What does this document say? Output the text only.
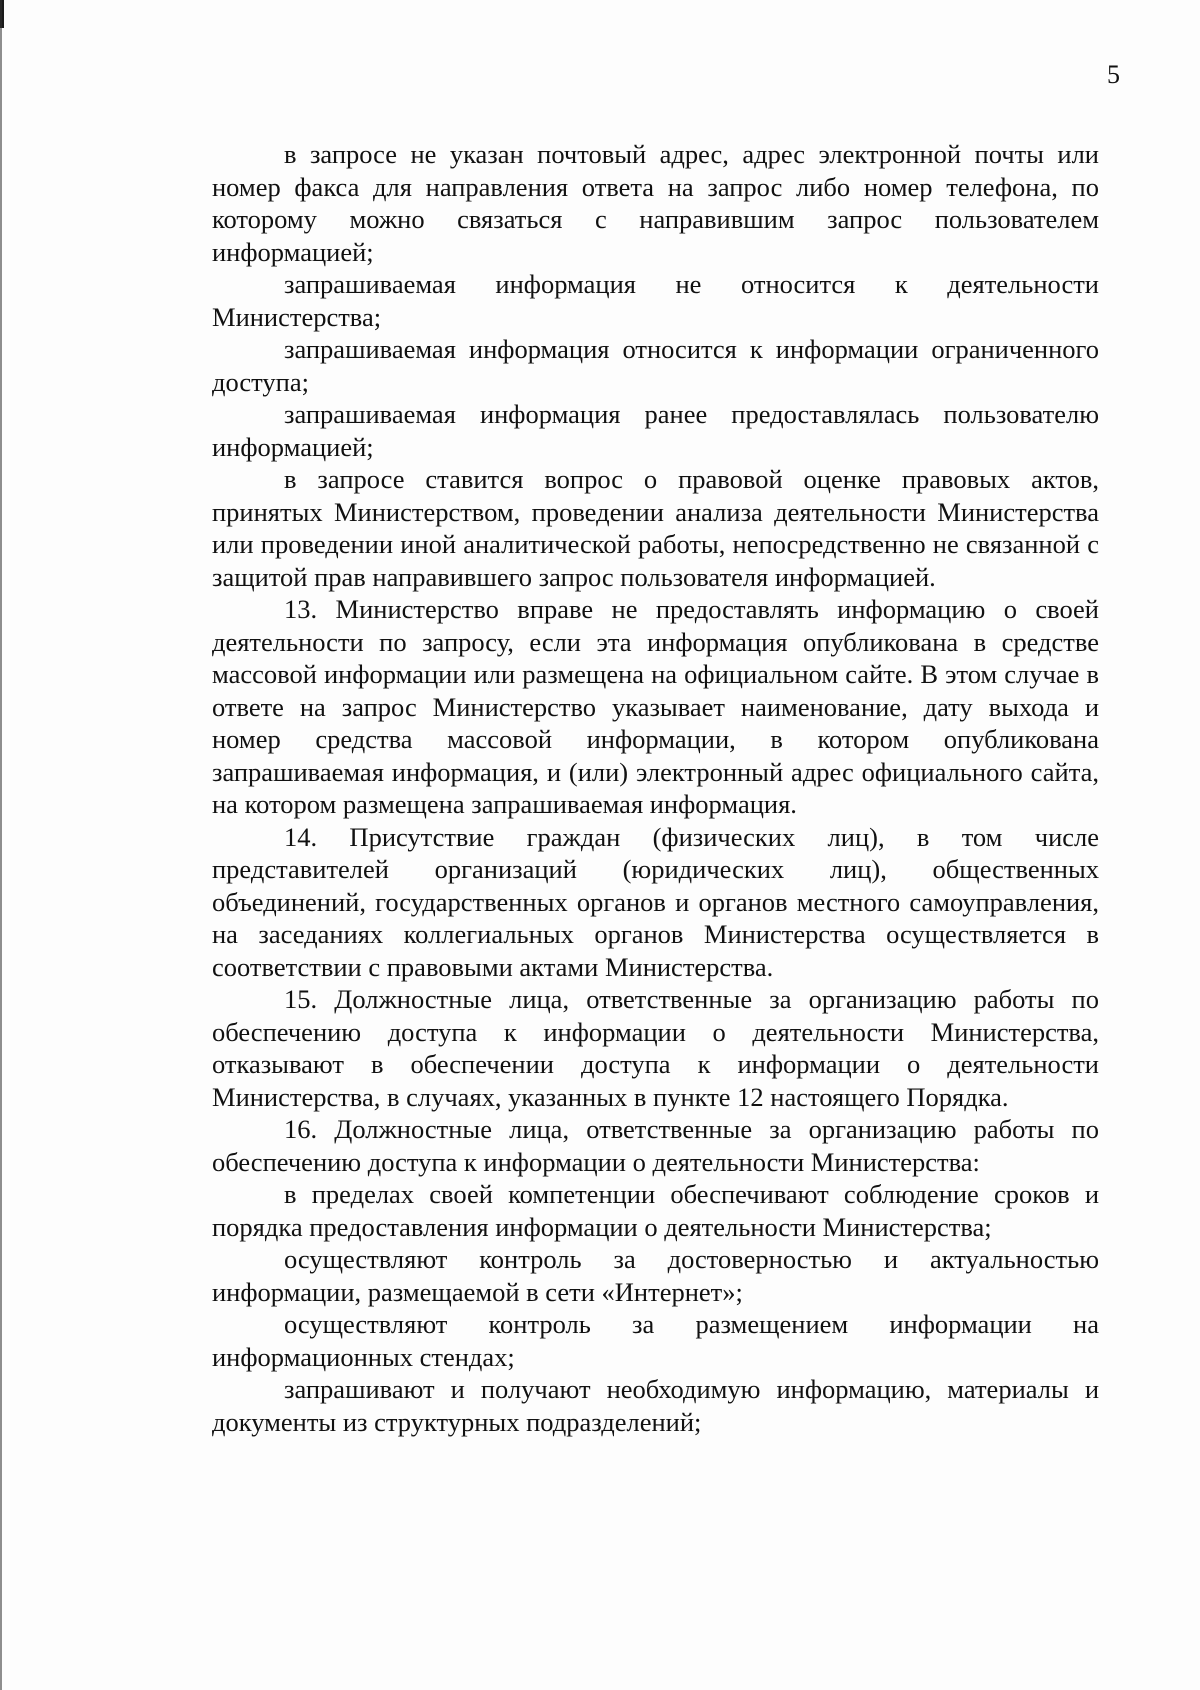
5

в запросе не указан почтовый адрес, адрес электронной почты или номер факса для направления ответа на запрос либо номер телефона, по которому можно связаться с направившим запрос пользователем информацией;

запрашиваемая информация не относится к деятельности Министерства;

запрашиваемая информация относится к информации ограниченного доступа;

запрашиваемая информация ранее предоставлялась пользователю информацией;

в запросе ставится вопрос о правовой оценке правовых актов, принятых Министерством, проведении анализа деятельности Министерства или проведении иной аналитической работы, непосредственно не связанной с защитой прав направившего запрос пользователя информацией.

13. Министерство вправе не предоставлять информацию о своей деятельности по запросу, если эта информация опубликована в средстве массовой информации или размещена на официальном сайте. В этом случае в ответе на запрос Министерство указывает наименование, дату выхода и номер средства массовой информации, в котором опубликована запрашиваемая информация, и (или) электронный адрес официального сайта, на котором размещена запрашиваемая информация.

14. Присутствие граждан (физических лиц), в том числе представителей организаций (юридических лиц), общественных объединений, государственных органов и органов местного самоуправления, на заседаниях коллегиальных органов Министерства осуществляется в соответствии с правовыми актами Министерства.

15. Должностные лица, ответственные за организацию работы по обеспечению доступа к информации о деятельности Министерства, отказывают в обеспечении доступа к информации о деятельности Министерства, в случаях, указанных в пункте 12 настоящего Порядка.

16. Должностные лица, ответственные за организацию работы по обеспечению доступа к информации о деятельности Министерства:

в пределах своей компетенции обеспечивают соблюдение сроков и порядка предоставления информации о деятельности Министерства;

осуществляют контроль за достоверностью и актуальностью информации, размещаемой в сети «Интернет»;

осуществляют контроль за размещением информации на информационных стендах;

запрашивают и получают необходимую информацию, материалы и документы из структурных подразделений;
